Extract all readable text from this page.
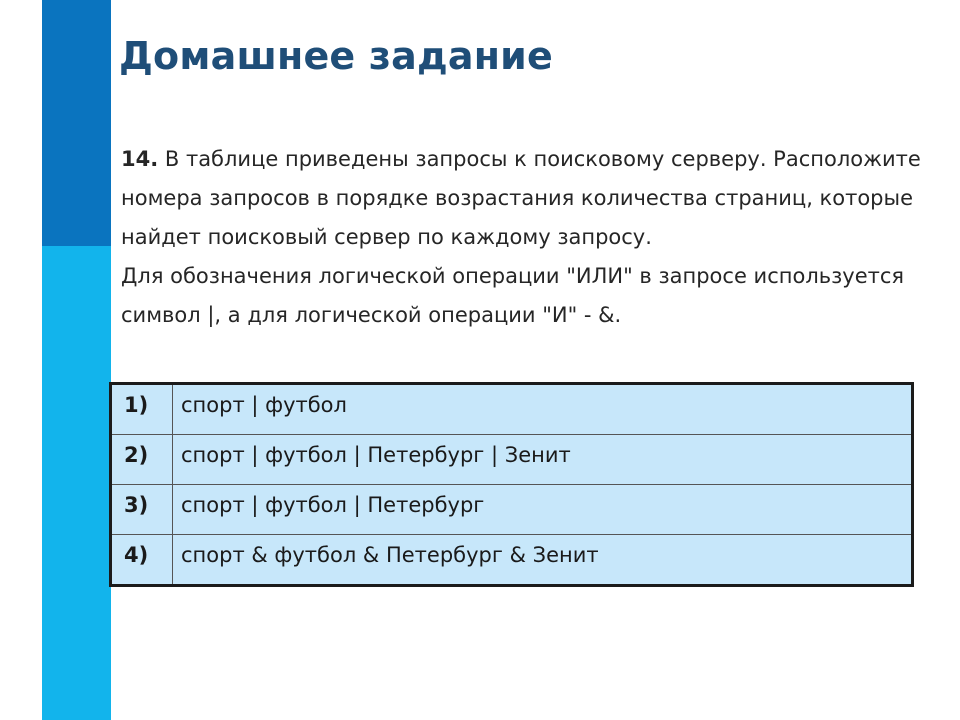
Домашнее задание

14. В таблице приведены запросы к поисковому серверу. Расположите номера запросов в порядке возрастания количества страниц, которые найдет поисковый сервер по каждому запросу.

Для обозначения логической операции "ИЛИ" в запросе используется символ |, а для логической операции "И" - &.

1)	спорт | футбол

2)	спорт | футбол | Петербург | Зенит

3)	спорт | футбол | Петербург

4)	спорт & футбол & Петербург & Зенит
